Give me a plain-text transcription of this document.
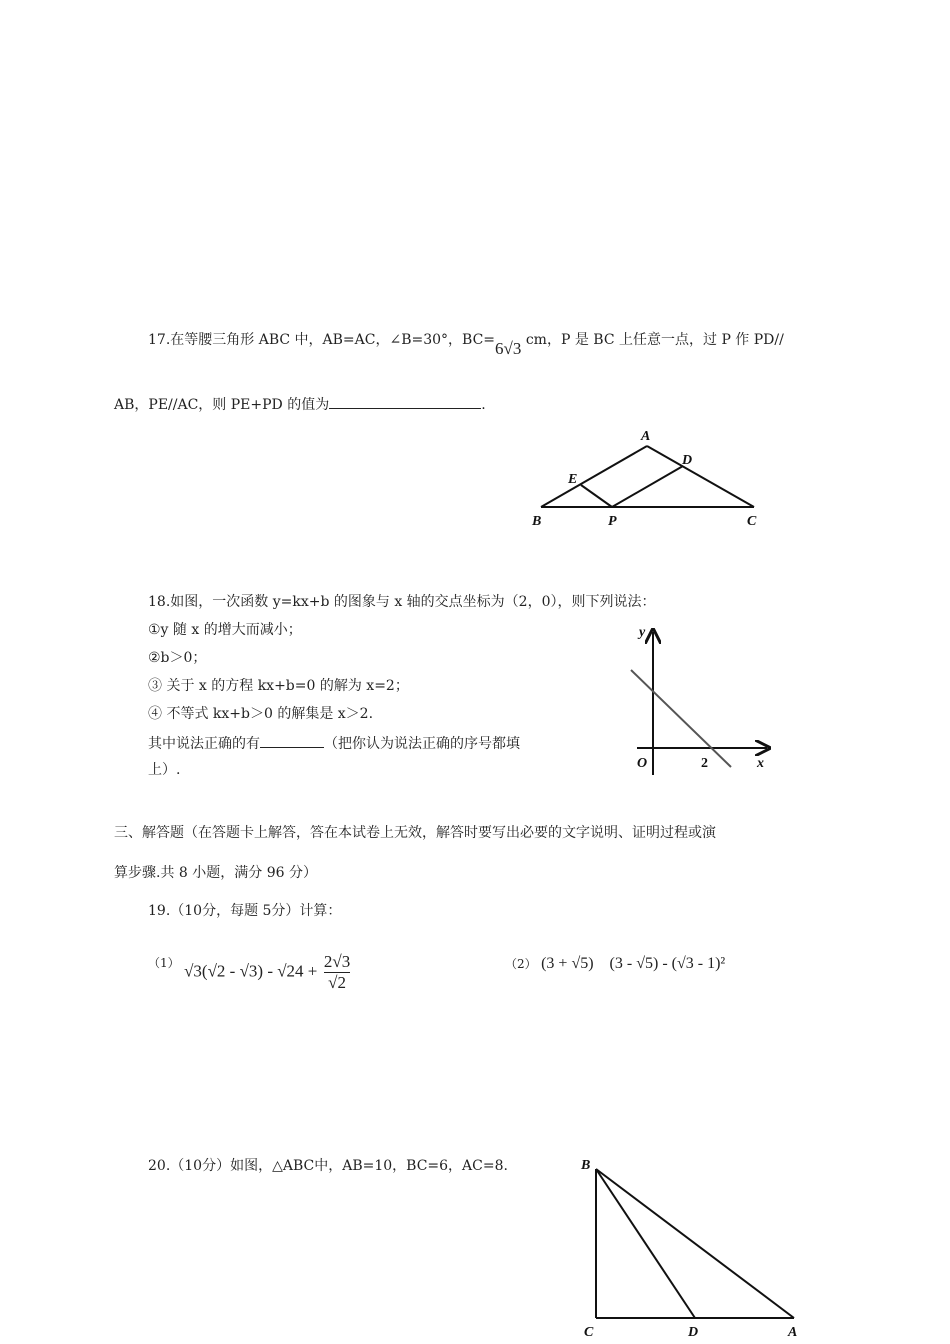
17.在等腰三角形 ABC 中，AB=AC，∠B=30°，BC=6√3 cm，P 是 BC 上任意一点，过 P 作 PD//
AB，PE//AC，则 PE+PD 的值为	.
A
B	C
D
E
P
18.如图，一次函数 y=kx+b 的图象与 x 轴的交点坐标为（2，0），则下列说法：
①y 随 x 的增大而减小；
②b＞0；
③ 关于 x 的方程 kx+b=0 的解为 x=2；
④ 不等式 kx+b＞0 的解集是 x＞2.
其中说法正确的有	（把你认为说法正确的序号都填
上）.
y
x
O	2
三、解答题（在答题卡上解答，答在本试卷上无效，解答时要写出必要的文字说明、证明过程或演
算步骤.共 8 小题，满分 96 分）
19.（10分，每题 5分）计算：
（1） $√3(√2 - √3) - √24 + \frac{2√3}{√2}$	（2） (3 + √5)　(3 - √5) - (√3 - 1)²
20.（10分）如图，△ABC中，AB=10，BC=6，AC=8.	B
C	D	A
